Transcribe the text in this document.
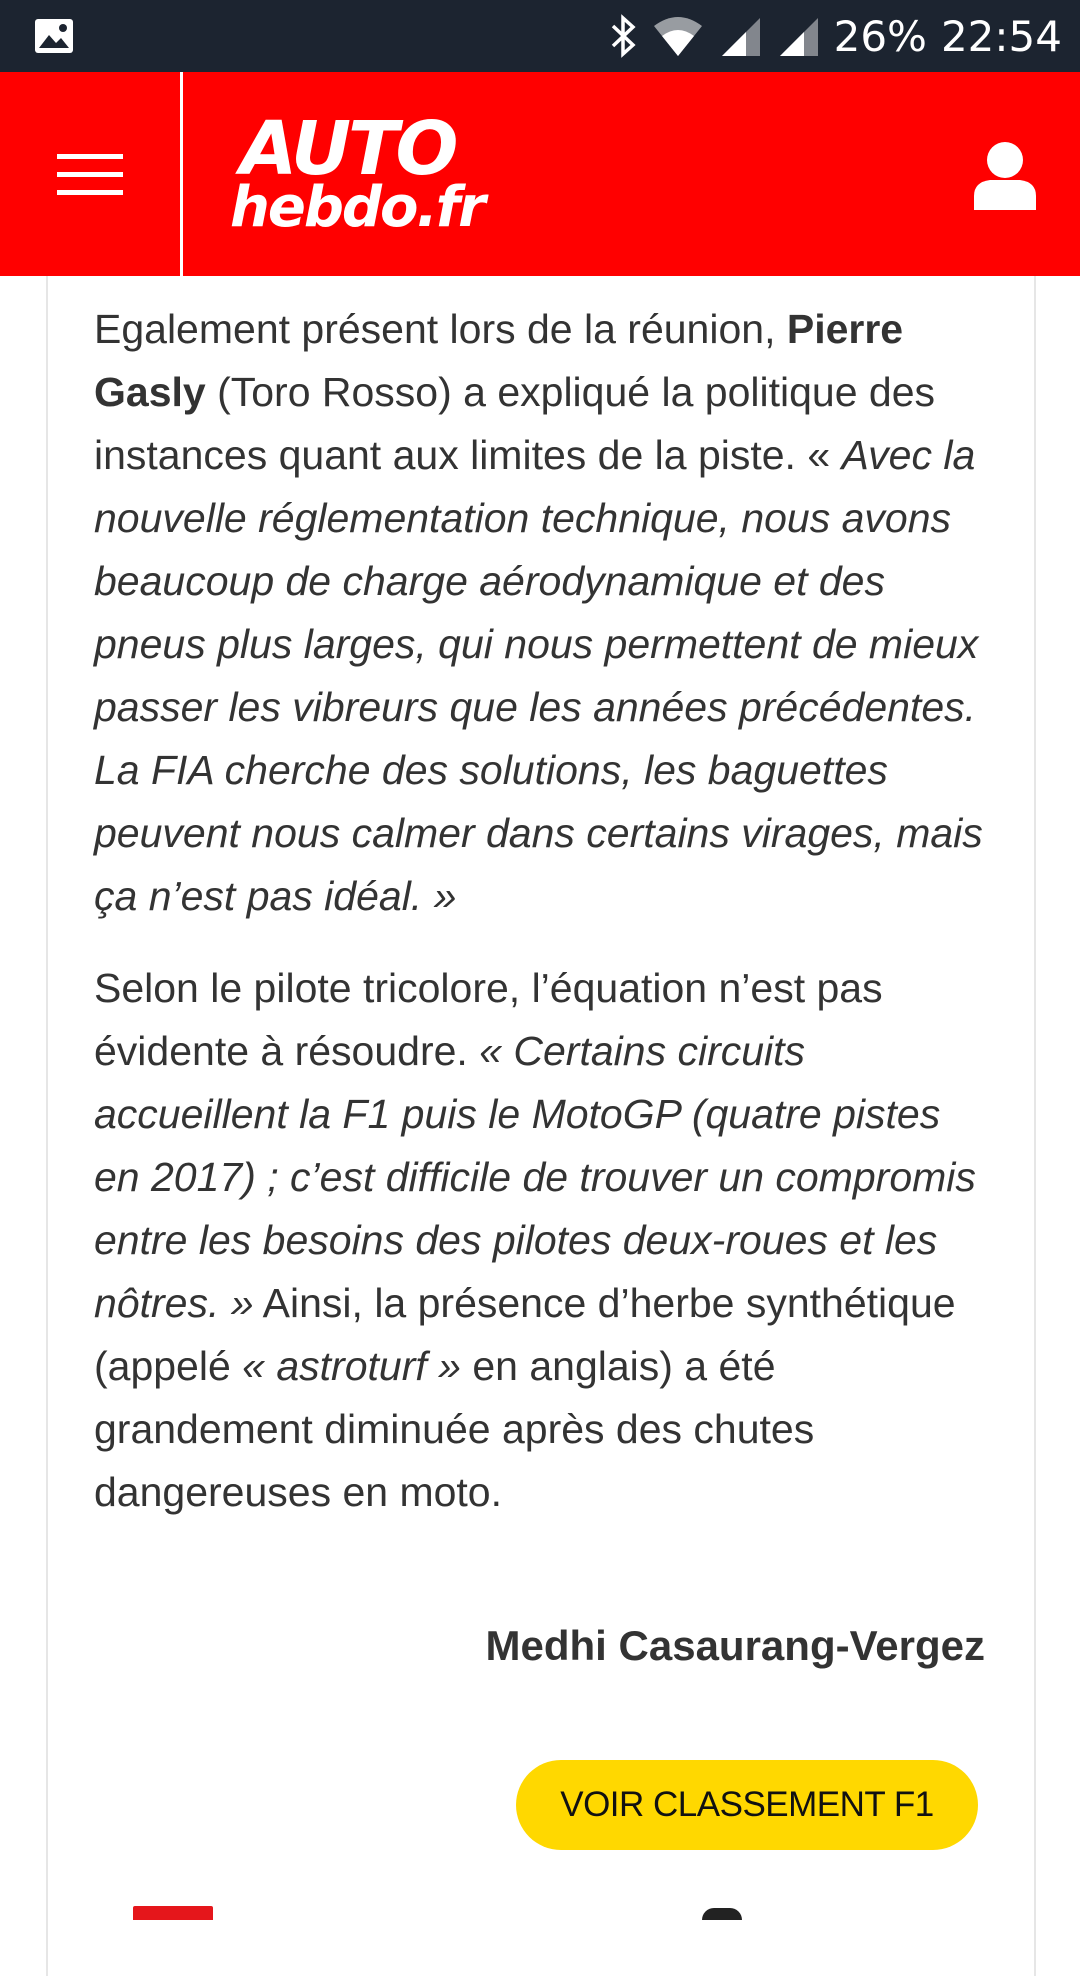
26% 22:54
AUTO
hebdo.fr

Egalement présent lors de la réunion, Pierre Gasly (Toro Rosso) a expliqué la politique des instances quant aux limites de la piste. « Avec la nouvelle réglementation technique, nous avons beaucoup de charge aérodynamique et des pneus plus larges, qui nous permettent de mieux passer les vibreurs que les années précédentes. La FIA cherche des solutions, les baguettes peuvent nous calmer dans certains virages, mais ça n’est pas idéal. »

Selon le pilote tricolore, l’équation n’est pas évidente à résoudre. « Certains circuits accueillent la F1 puis le MotoGP (quatre pistes en 2017) ; c’est difficile de trouver un compromis entre les besoins des pilotes deux-roues et les nôtres. » Ainsi, la présence d’herbe synthétique (appelé « astroturf » en anglais) a été grandement diminuée après des chutes dangereuses en moto.

Medhi Casaurang-Vergez
VOIR CLASSEMENT F1
